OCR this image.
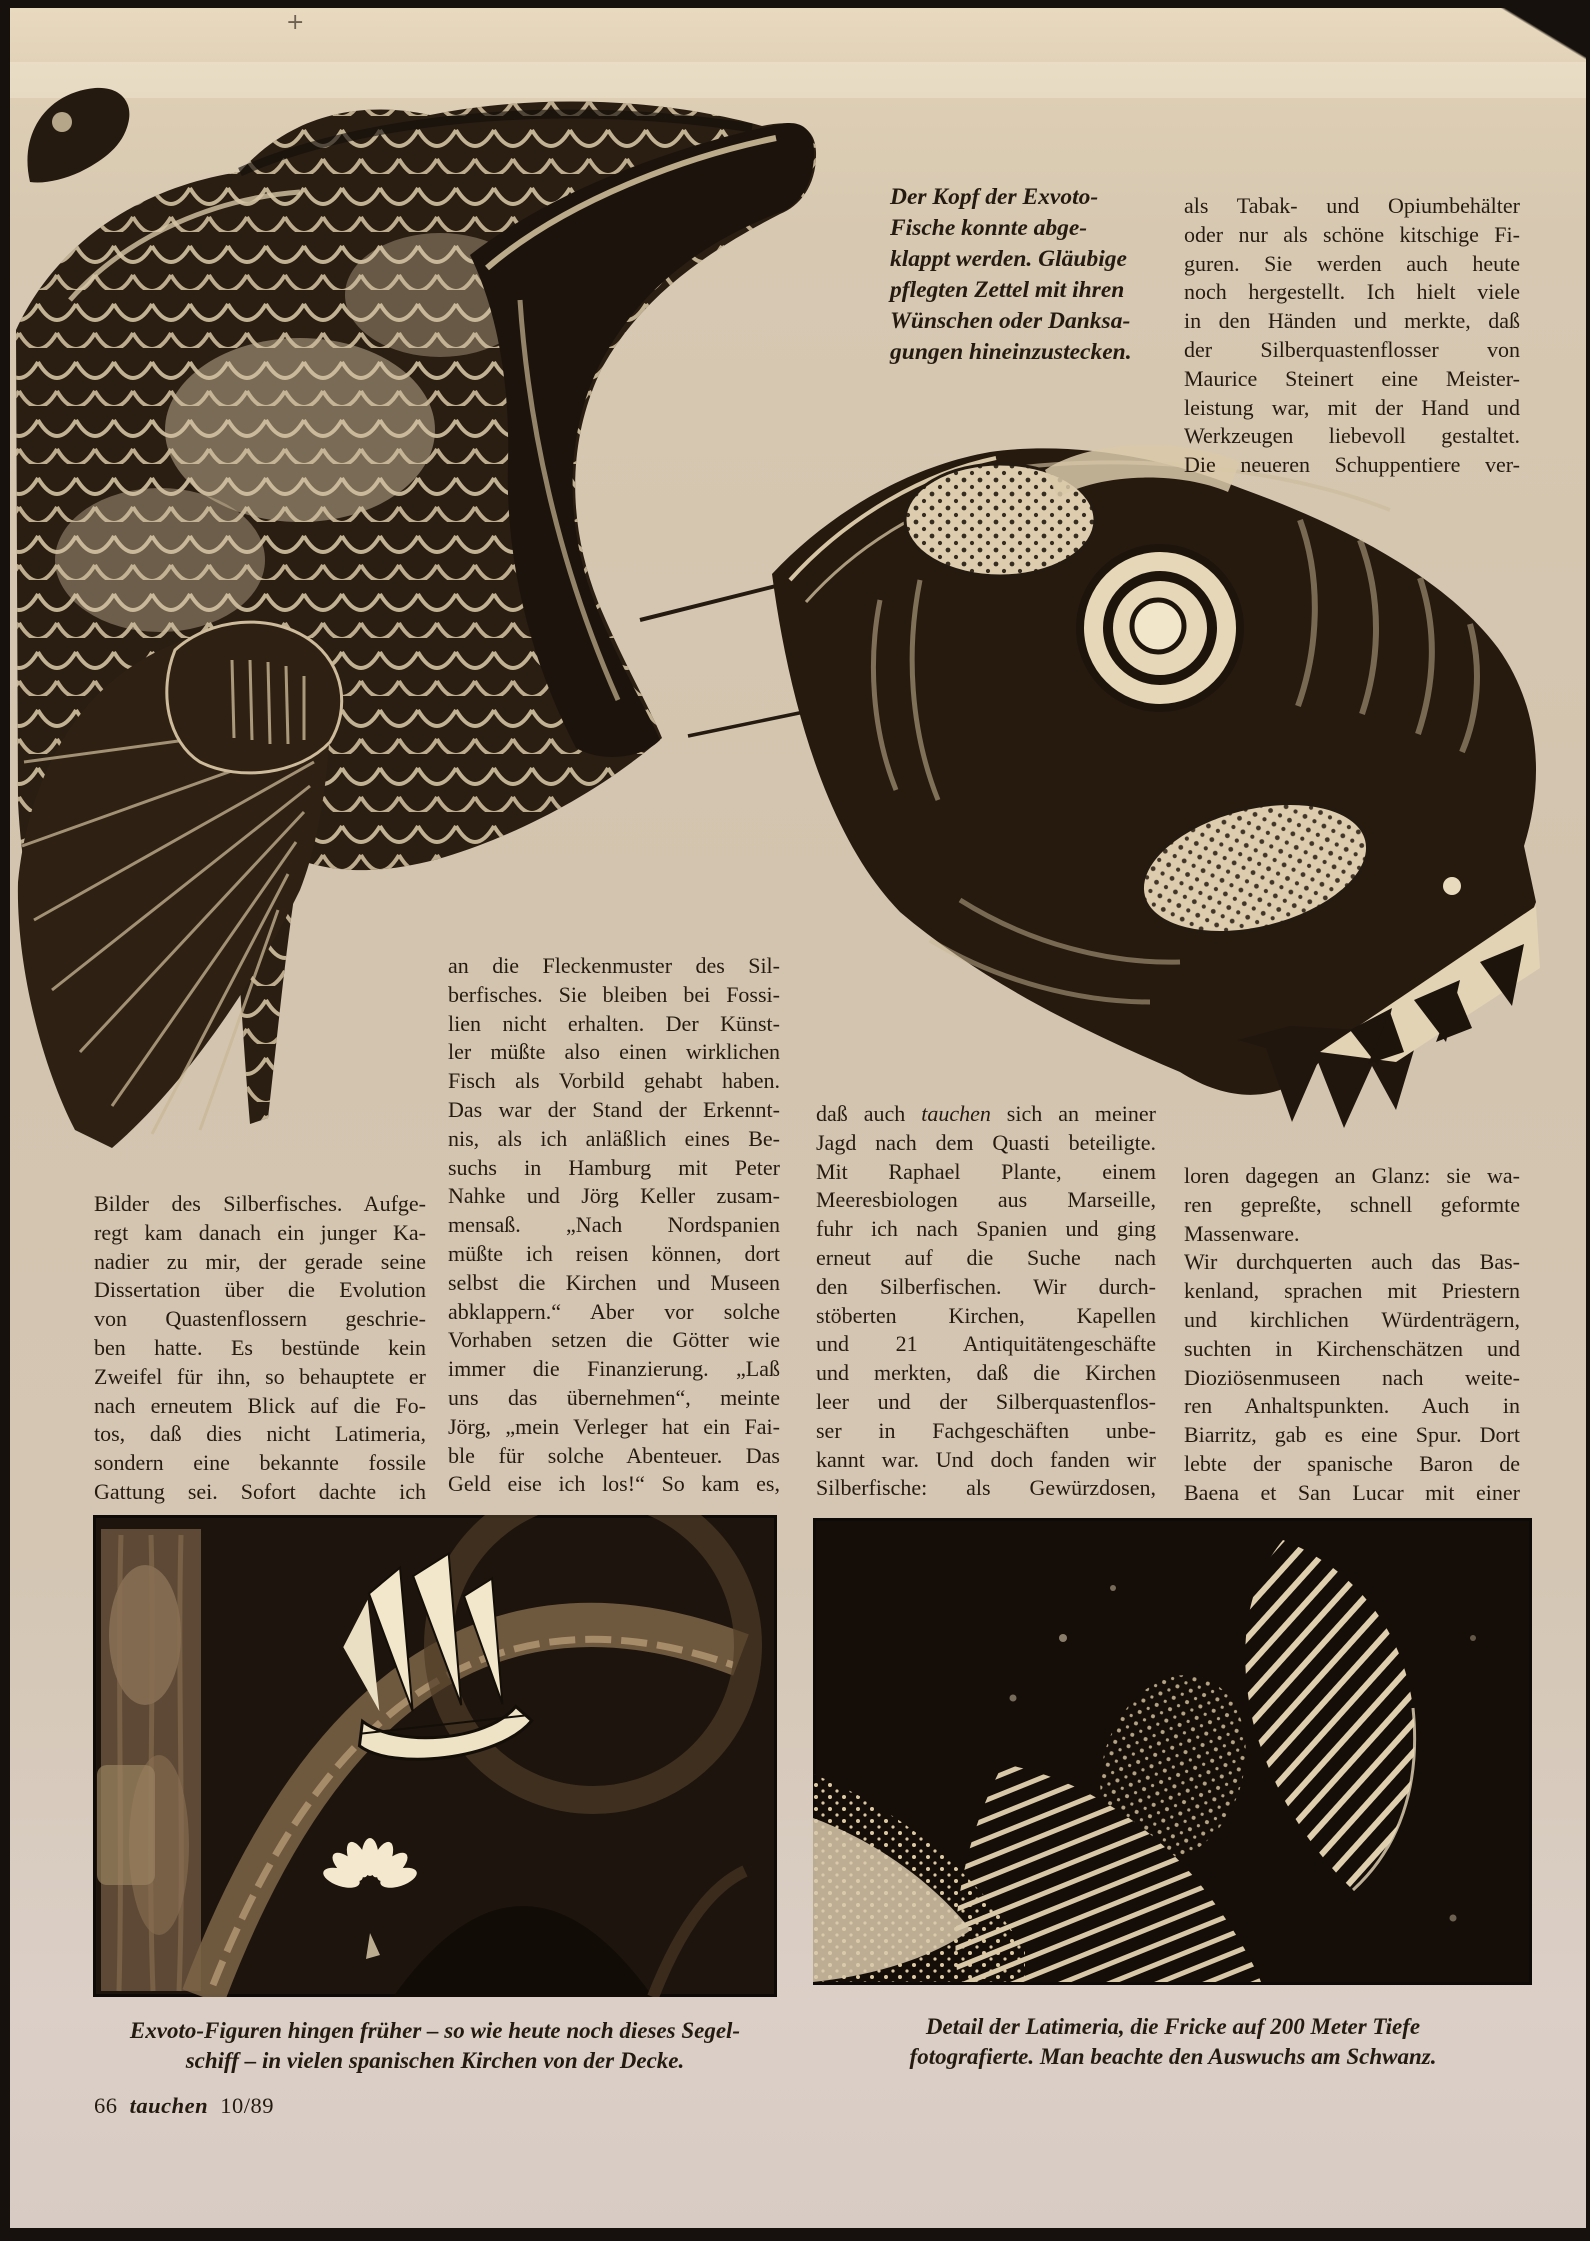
+
Der Kopf der Exvoto-
Fische konnte abge-
klappt werden. Gläubige
pflegten Zettel mit ihren
Wünschen oder Danksa-
gungen hineinzustecken.
als Tabak- und Opiumbehälter
oder nur als schöne kitschige Fi-
guren. Sie werden auch heute
noch hergestellt. Ich hielt viele
in den Händen und merkte, daß
der Silberquastenflosser von
Maurice Steinert eine Meister-
leistung war, mit der Hand und
Werkzeugen liebevoll gestaltet.
Die neueren Schuppentiere ver-
an die Fleckenmuster des Sil-
berfisches. Sie bleiben bei Fossi-
lien nicht erhalten. Der Künst-
ler müßte also einen wirklichen
Fisch als Vorbild gehabt haben.
Das war der Stand der Erkennt-
nis, als ich anläßlich eines Be-
suchs in Hamburg mit Peter
Nahke und Jörg Keller zusam-
mensaß. „Nach Nordspanien
müßte ich reisen können, dort
selbst die Kirchen und Museen
abklappern.“ Aber vor solche
Vorhaben setzen die Götter wie
immer die Finanzierung. „Laß
uns das übernehmen“, meinte
Jörg, „mein Verleger hat ein Fai-
ble für solche Abenteuer. Das
Geld eise ich los!“ So kam es,
daß auch tauchen sich an meiner
Jagd nach dem Quasti beteiligte.
Mit Raphael Plante, einem
Meeresbiologen aus Marseille,
fuhr ich nach Spanien und ging
erneut auf die Suche nach
den Silberfischen. Wir durch-
stöberten Kirchen, Kapellen
und 21 Antiquitätengeschäfte
und merkten, daß die Kirchen
leer und der Silberquastenflos-
ser in Fachgeschäften unbe-
kannt war. Und doch fanden wir
Silberfische: als Gewürzdosen,
loren dagegen an Glanz: sie wa-
ren gepreßte, schnell geformte
Massenware.
Wir durchquerten auch das Bas-
kenland, sprachen mit Priestern
und kirchlichen Würdenträgern,
suchten in Kirchenschätzen und
Dioziösenmuseen nach weite-
ren Anhaltspunkten. Auch in
Biarritz, gab es eine Spur. Dort
lebte der spanische Baron de
Baena et San Lucar mit einer
Bilder des Silberfisches. Aufge-
regt kam danach ein junger Ka-
nadier zu mir, der gerade seine
Dissertation über die Evolution
von Quastenflossern geschrie-
ben hatte. Es bestünde kein
Zweifel für ihn, so behauptete er
nach erneutem Blick auf die Fo-
tos, daß dies nicht Latimeria,
sondern eine bekannte fossile
Gattung sei. Sofort dachte ich
Exvoto-Figuren hingen früher – so wie heute noch dieses Segel-
schiff – in vielen spanischen Kirchen von der Decke.
Detail der Latimeria, die Fricke auf 200 Meter Tiefe
fotografierte. Man beachte den Auswuchs am Schwanz.
66 tauchen 10/89
